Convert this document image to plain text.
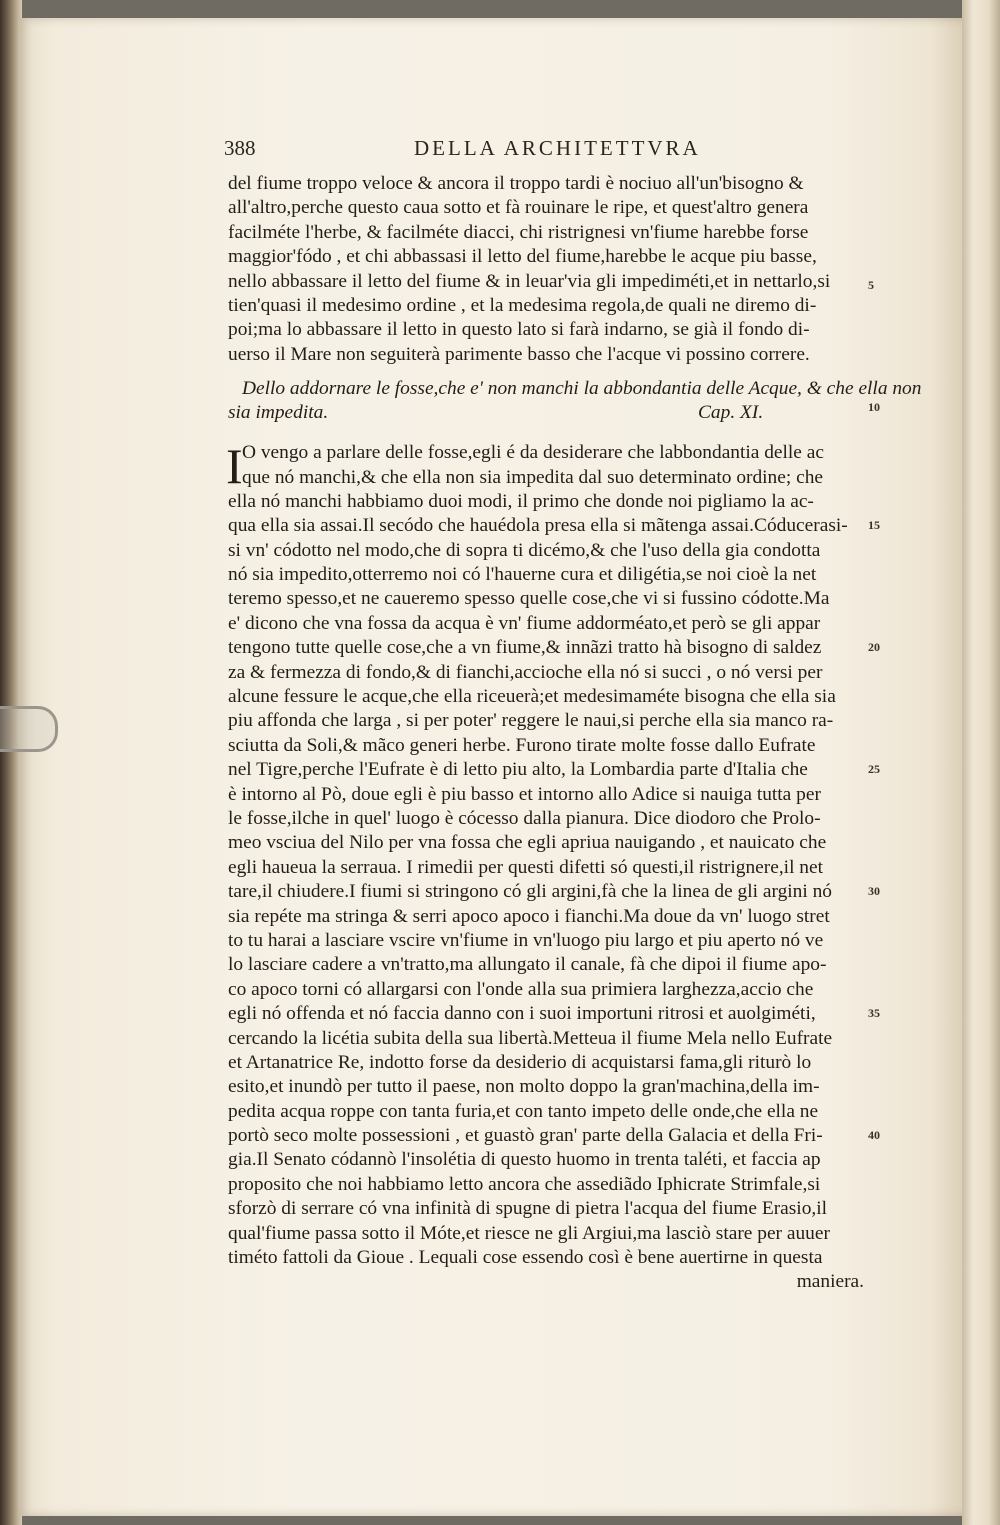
388	DELLA ARCHITETTVRA
del fiume troppo veloce & ancora il troppo tardi è nociuo all'un'bisogno &
all'altro,perche questo caua sotto et fà rouinare le ripe, et quest'altro genera
facilméte l'herbe, & facilméte diacci, chi ristrignesi vn'fiume harebbe forse
maggior'fódo , et chi abbassasi il letto del fiume,harebbe le acque piu basse,
nello abbassare il letto del fiume & in leuar'via gli impediméti,et in nettarlo,si
tien'quasi il medesimo ordine , et la medesima regola,de quali ne diremo di-
poi;ma lo abbassare il letto in questo lato si farà indarno, se già il fondo di-
uerso il Mare non seguiterà parimente basso che l'acque vi possino correre.
Dello addornare le fosse,che e' non manchi la abbondantia delle Acque, & che ella non
sia impedita.	Cap. XI.
I O vengo a parlare delle fosse,egli é da desiderare che labbondantia delle ac
que nó manchi,& che ella non sia impedita dal suo determinato ordine; che
ella nó manchi habbiamo duoi modi, il primo che donde noi pigliamo la ac-
qua ella sia assai.Il secódo che hauédola presa ella si mãtenga assai.Códucerasi-
si vn' códotto nel modo,che di sopra ti dicémo,& che l'uso della gia condotta
nó sia impedito,otterremo noi có l'hauerne cura et diligétia,se noi cioè la net
teremo spesso,et ne caueremo spesso quelle cose,che vi si fussino códotte.Ma
e' dicono che vna fossa da acqua è vn' fiume addorméato,et però se gli appar
tengono tutte quelle cose,che a vn fiume,& innãzi tratto hà bisogno di saldez
za & fermezza di fondo,& di fianchi,accioche ella nó si succi , o nó versi per
alcune fessure le acque,che ella riceuerà;et medesimaméte bisogna che ella sia
piu affonda che larga , si per poter' reggere le naui,si perche ella sia manco ra-
sciutta da Soli,& mãco generi herbe. Furono tirate molte fosse dallo Eufrate
nel Tigre,perche l'Eufrate è di letto piu alto, la Lombardia parte d'Italia che
è intorno al Pò, doue egli è piu basso et intorno allo Adice si nauiga tutta per
le fosse,ilche in quel' luogo è cócesso dalla pianura. Dice diodoro che Prolo-
meo vsciua del Nilo per vna fossa che egli apriua nauigando , et nauicato che
egli haueua la serraua. I rimedii per questi difetti só questi,il ristrignere,il net
tare,il chiudere.I fiumi si stringono có gli argini,fà che la linea de gli argini nó
sia repéte ma stringa & serri apoco apoco i fianchi.Ma doue da vn' luogo stret
to tu harai a lasciare vscire vn'fiume in vn'luogo piu largo et piu aperto nó ve
lo lasciare cadere a vn'tratto,ma allungato il canale, fà che dipoi il fiume apo-
co apoco torni có allargarsi con l'onde alla sua primiera larghezza,accio che
egli nó offenda et nó faccia danno con i suoi importuni ritrosi et auolgiméti,
cercando la licétia subita della sua libertà.Metteua il fiume Mela nello Eufrate
et Artanatrice Re, indotto forse da desiderio di acquistarsi fama,gli riturò lo
esito,et inundò per tutto il paese, non molto doppo la gran'machina,della im-
pedita acqua roppe con tanta furia,et con tanto impeto delle onde,che ella ne
portò seco molte possessioni , et guastò gran' parte della Galacia et della Fri-
gia.Il Senato códannò l'insolétia di questo huomo in trenta taléti, et faccia ap
proposito che noi habbiamo letto ancora che assediãdo Iphicrate Strimfale,si
sforzò di serrare có vna infinità di spugne di pietra l'acqua del fiume Erasio,il
qual'fiume passa sotto il Móte,et riesce ne gli Argiui,ma lasciò stare per auuer
timéto fattoli da Gioue . Lequali cose essendo così è bene auertirne in questa
maniera.
5
10
15
20
25
30
35
40
